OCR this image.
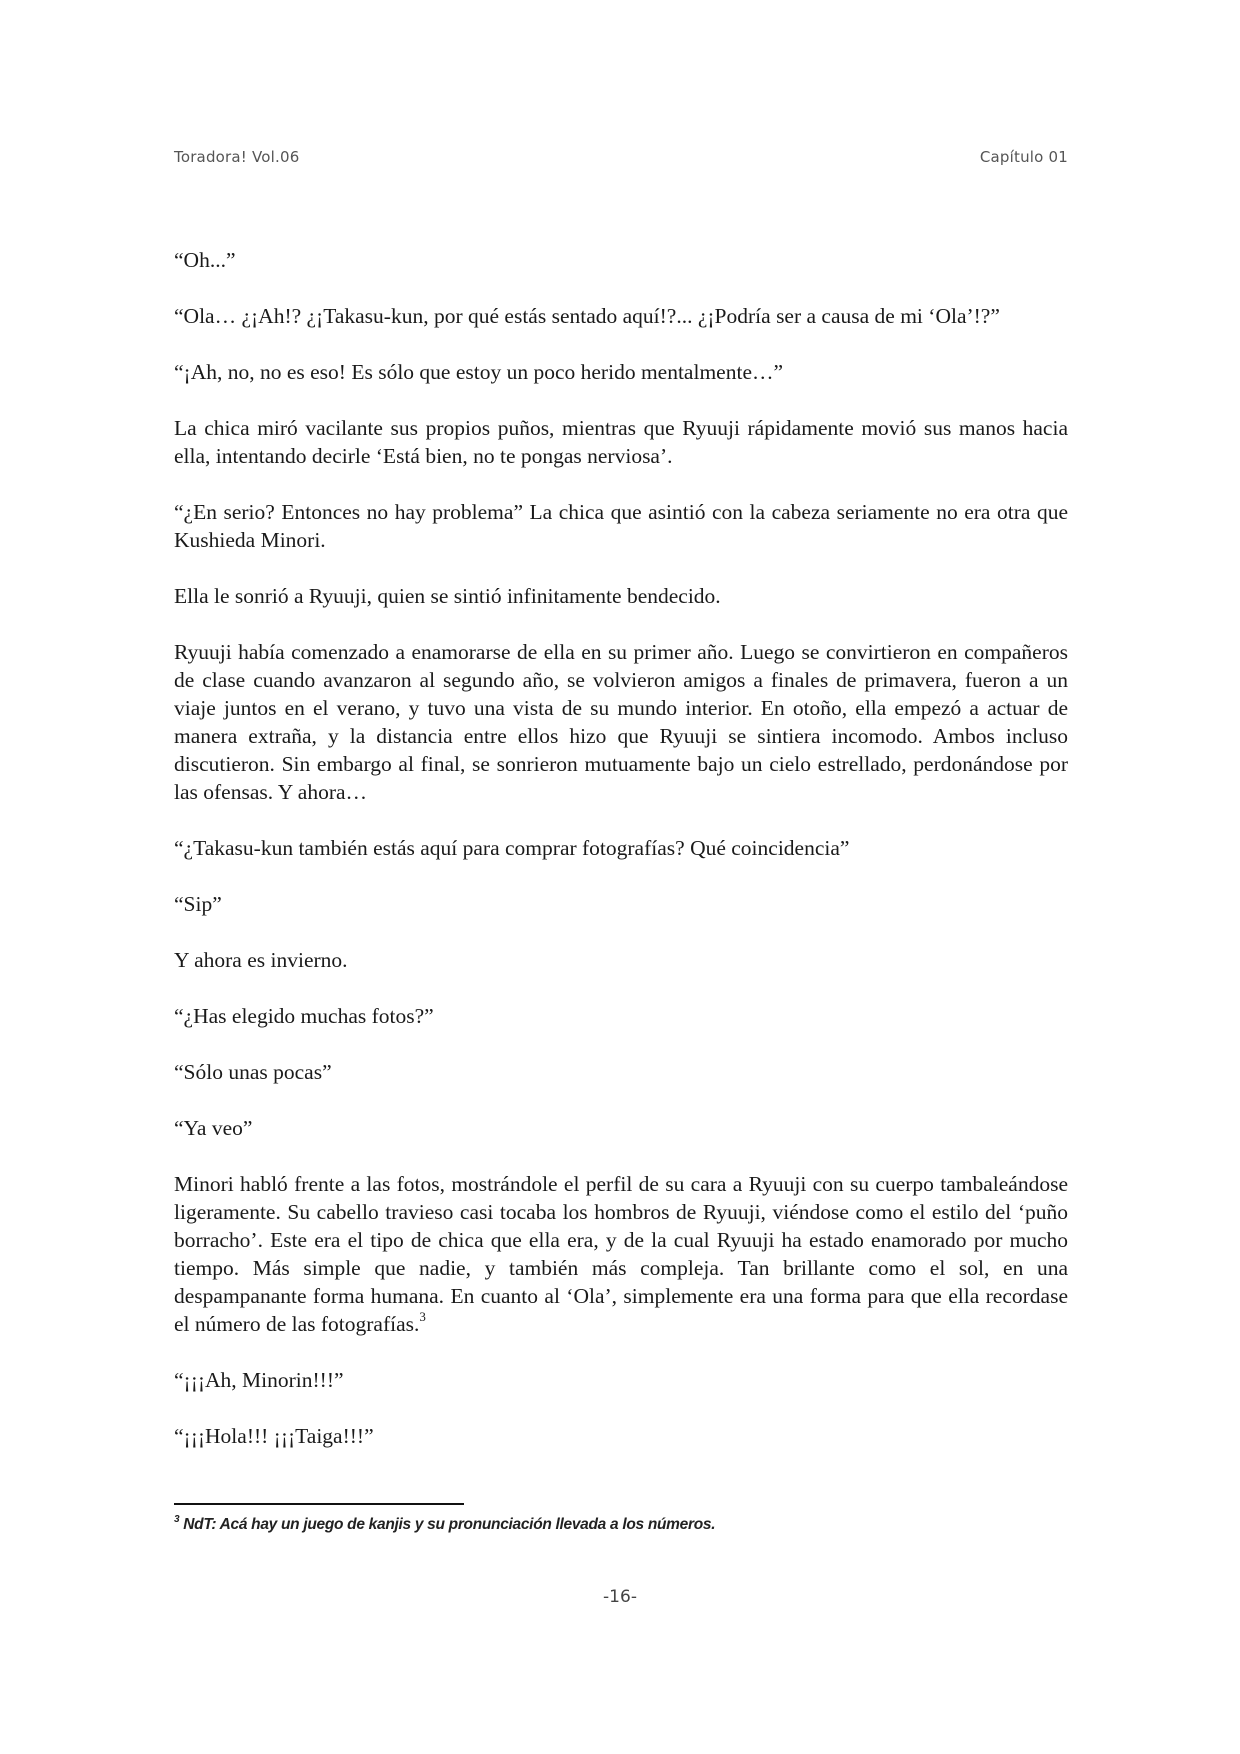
Toradora! Vol.06	Capítulo 01

“Oh...”

“Ola… ¿¡Ah!? ¿¡Takasu-kun, por qué estás sentado aquí!?... ¿¡Podría ser a causa de mi ‘Ola’!?”

“¡Ah, no, no es eso! Es sólo que estoy un poco herido mentalmente…”

La chica miró vacilante sus propios puños, mientras que Ryuuji rápidamente movió sus manos hacia ella, intentando decirle ‘Está bien, no te pongas nerviosa’.

“¿En serio? Entonces no hay problema” La chica que asintió con la cabeza seriamente no era otra que Kushieda Minori.

Ella le sonrió a Ryuuji, quien se sintió infinitamente bendecido.

Ryuuji había comenzado a enamorarse de ella en su primer año. Luego se convirtieron en compañeros de clase cuando avanzaron al segundo año, se volvieron amigos a finales de primavera, fueron a un viaje juntos en el verano, y tuvo una vista de su mundo interior. En otoño, ella empezó a actuar de manera extraña, y la distancia entre ellos hizo que Ryuuji se sintiera incomodo. Ambos incluso discutieron. Sin embargo al final, se sonrieron mutuamente bajo un cielo estrellado, perdonándose por las ofensas. Y ahora…

“¿Takasu-kun también estás aquí para comprar fotografías? Qué coincidencia”

“Sip”

Y ahora es invierno.

“¿Has elegido muchas fotos?”

“Sólo unas pocas”

“Ya veo”

Minori habló frente a las fotos, mostrándole el perfil de su cara a Ryuuji con su cuerpo tambaleándose ligeramente. Su cabello travieso casi tocaba los hombros de Ryuuji, viéndose como el estilo del ‘puño borracho’. Este era el tipo de chica que ella era, y de la cual Ryuuji ha estado enamorado por mucho tiempo. Más simple que nadie, y también más compleja. Tan brillante como el sol, en una despampanante forma humana. En cuanto al ‘Ola’, simplemente era una forma para que ella recordase el número de las fotografías.$^3$

“¡¡¡Ah, Minorin!!!”

“¡¡¡Hola!!! ¡¡¡Taiga!!!”

$^3$ NdT: Acá hay un juego de kanjis y su pronunciación llevada a los números.
-16-
